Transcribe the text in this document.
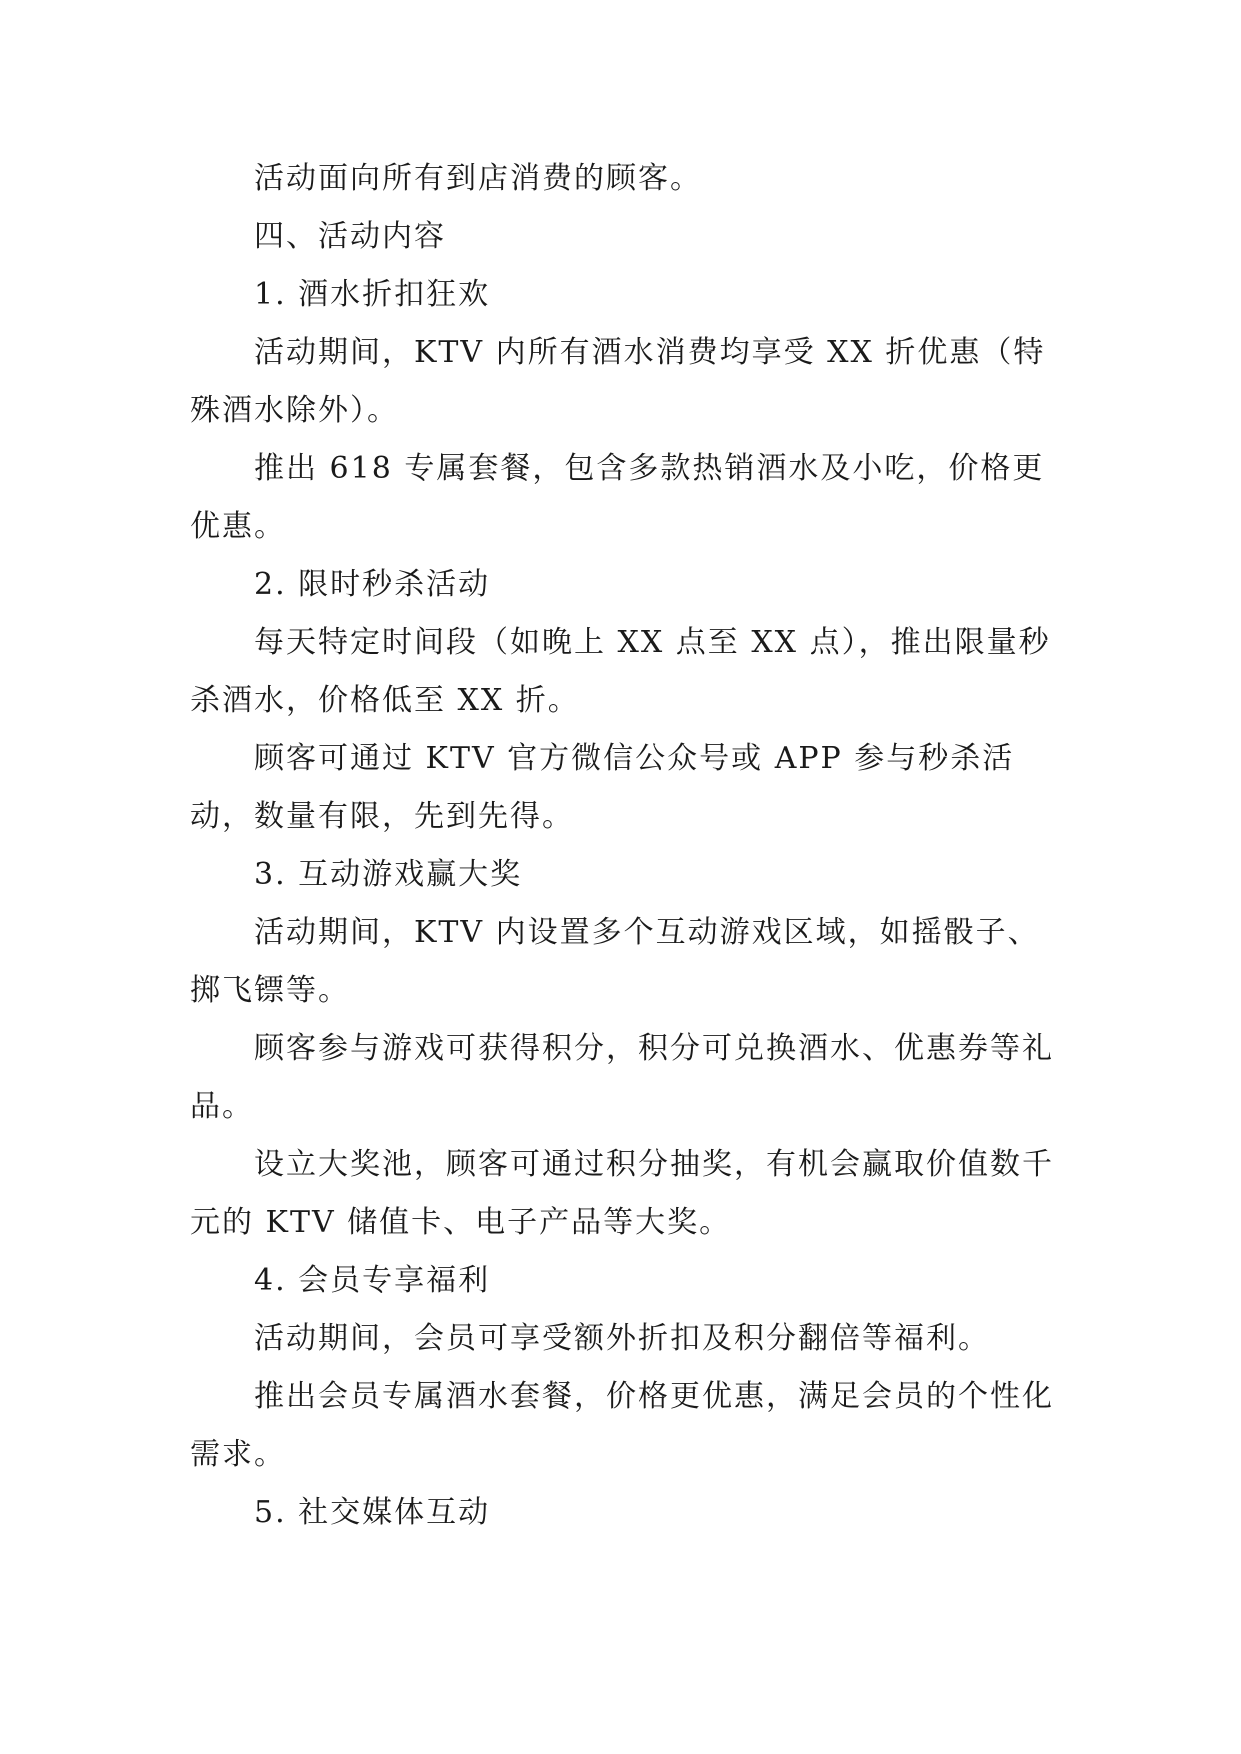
活动面向所有到店消费的顾客。

四、活动内容

1. 酒水折扣狂欢

活动期间，KTV 内所有酒水消费均享受 XX 折优惠（特殊酒水除外）。

推出 618 专属套餐，包含多款热销酒水及小吃，价格更优惠。

2. 限时秒杀活动

每天特定时间段（如晚上 XX 点至 XX 点），推出限量秒杀酒水，价格低至 XX 折。

顾客可通过 KTV 官方微信公众号或 APP 参与秒杀活动，数量有限，先到先得。

3. 互动游戏赢大奖

活动期间，KTV 内设置多个互动游戏区域，如摇骰子、掷飞镖等。

顾客参与游戏可获得积分，积分可兑换酒水、优惠券等礼品。

设立大奖池，顾客可通过积分抽奖，有机会赢取价值数千元的 KTV 储值卡、电子产品等大奖。

4. 会员专享福利

活动期间，会员可享受额外折扣及积分翻倍等福利。

推出会员专属酒水套餐，价格更优惠，满足会员的个性化需求。

5. 社交媒体互动
